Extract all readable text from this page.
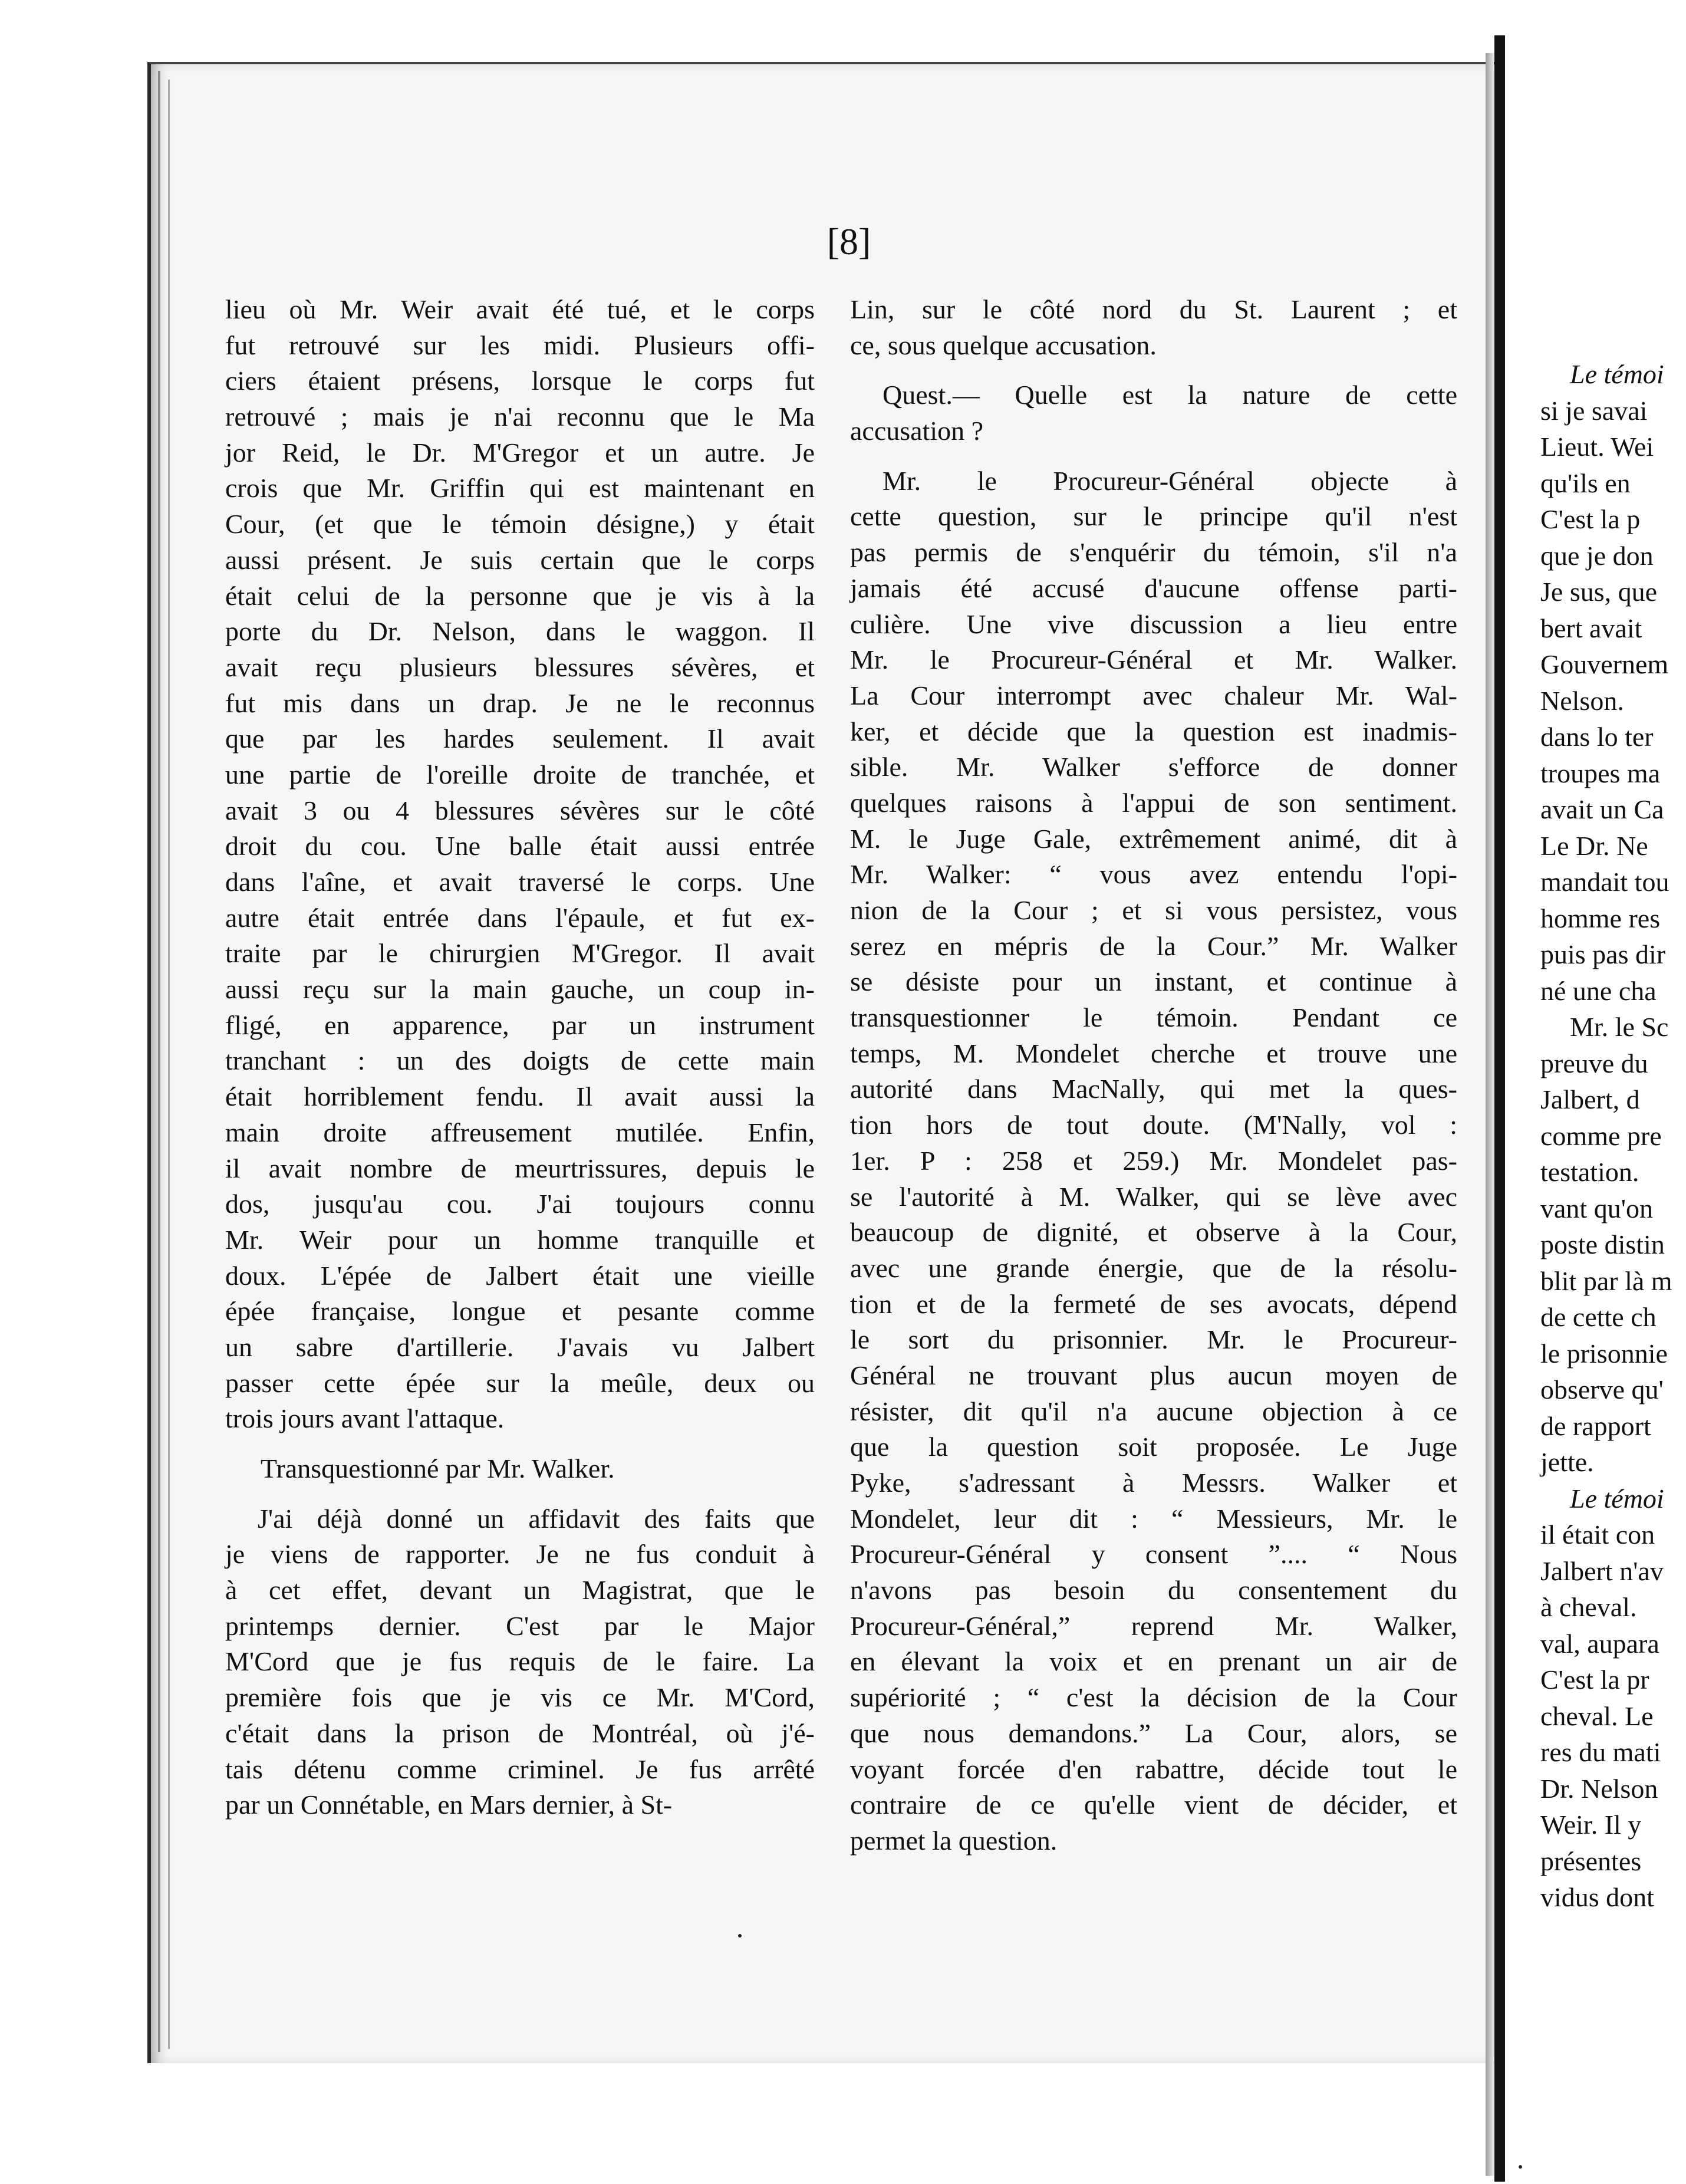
[8]
lieu où Mr. Weir avait été tué, et le corps
fut retrouvé sur les midi. Plusieurs offi-
ciers étaient présens, lorsque le corps fut
retrouvé ; mais je n'ai reconnu que le Ma
jor Reid, le Dr. M'Gregor et un autre. Je
crois que Mr. Griffin qui est maintenant en
Cour, (et que le témoin désigne,) y était
aussi présent. Je suis certain que le corps
était celui de la personne que je vis à la
porte du Dr. Nelson, dans le waggon. Il
avait reçu plusieurs blessures sévères, et
fut mis dans un drap. Je ne le reconnus
que par les hardes seulement. Il avait
une partie de l'oreille droite de tranchée, et
avait 3 ou 4 blessures sévères sur le côté
droit du cou. Une balle était aussi entrée
dans l'aîne, et avait traversé le corps. Une
autre était entrée dans l'épaule, et fut ex-
traite par le chirurgien M'Gregor. Il avait
aussi reçu sur la main gauche, un coup in-
fligé, en apparence, par un instrument
tranchant : un des doigts de cette main
était horriblement fendu. Il avait aussi la
main droite affreusement mutilée. Enfin,
il avait nombre de meurtrissures, depuis le
dos, jusqu'au cou. J'ai toujours connu
Mr. Weir pour un homme tranquille et
doux. L'épée de Jalbert était une vieille
épée française, longue et pesante comme
un sabre d'artillerie. J'avais vu Jalbert
passer cette épée sur la meûle, deux ou
trois jours avant l'attaque.
Transquestionné par Mr. Walker.
J'ai déjà donné un affidavit des faits que
je viens de rapporter. Je ne fus conduit à
à cet effet, devant un Magistrat, que le
printemps dernier. C'est par le Major
M'Cord que je fus requis de le faire. La
première fois que je vis ce Mr. M'Cord,
c'était dans la prison de Montréal, où j'é-
tais détenu comme criminel. Je fus arrêté
par un Connétable, en Mars dernier, à St-
Lin, sur le côté nord du St. Laurent ; et
ce, sous quelque accusation.
Quest.— Quelle est la nature de cette
accusation ?
Mr. le Procureur-Général objecte à
cette question, sur le principe qu'il n'est
pas permis de s'enquérir du témoin, s'il n'a
jamais été accusé d'aucune offense parti-
culière. Une vive discussion a lieu entre
Mr. le Procureur-Général et Mr. Walker.
La Cour interrompt avec chaleur Mr. Wal-
ker, et décide que la question est inadmis-
sible. Mr. Walker s'efforce de donner
quelques raisons à l'appui de son sentiment.
M. le Juge Gale, extrêmement animé, dit à
Mr. Walker: “ vous avez entendu l'opi-
nion de la Cour ; et si vous persistez, vous
serez en mépris de la Cour.” Mr. Walker
se désiste pour un instant, et continue à
transquestionner le témoin. Pendant ce
temps, M. Mondelet cherche et trouve une
autorité dans MacNally, qui met la ques-
tion hors de tout doute. (M'Nally, vol :
1er. P : 258 et 259.) Mr. Mondelet pas-
se l'autorité à M. Walker, qui se lève avec
beaucoup de dignité, et observe à la Cour,
avec une grande énergie, que de la résolu-
tion et de la fermeté de ses avocats, dépend
le sort du prisonnier. Mr. le Procureur-
Général ne trouvant plus aucun moyen de
résister, dit qu'il n'a aucune objection à ce
que la question soit proposée. Le Juge
Pyke, s'adressant à Messrs. Walker et
Mondelet, leur dit : “ Messieurs, Mr. le
Procureur-Général y consent ”.... “ Nous
n'avons pas besoin du consentement du
Procureur-Général,” reprend Mr. Walker,
en élevant la voix et en prenant un air de
supériorité ; “ c'est la décision de la Cour
que nous demandons.” La Cour, alors, se
voyant forcée d'en rabattre, décide tout le
contraire de ce qu'elle vient de décider, et
permet la question.
Le témoi
si je savai
Lieut. Wei
qu'ils en
C'est la p
que je don
Je sus, que
bert avait
Gouvernem
Nelson.
dans lo ter
troupes ma
avait un Ca
Le Dr. Ne
mandait tou
homme res
puis pas dir
né une cha
Mr. le Sc
preuve du
Jalbert, d
comme pre
testation.
vant qu'on
poste distin
blit par là m
de cette ch
le prisonnie
observe qu'
de rapport
jette.
Le témoi
il était con
Jalbert n'av
à cheval.
val, aupara
C'est la pr
cheval. Le
res du mati
Dr. Nelson
Weir. Il y
présentes
vidus dont
